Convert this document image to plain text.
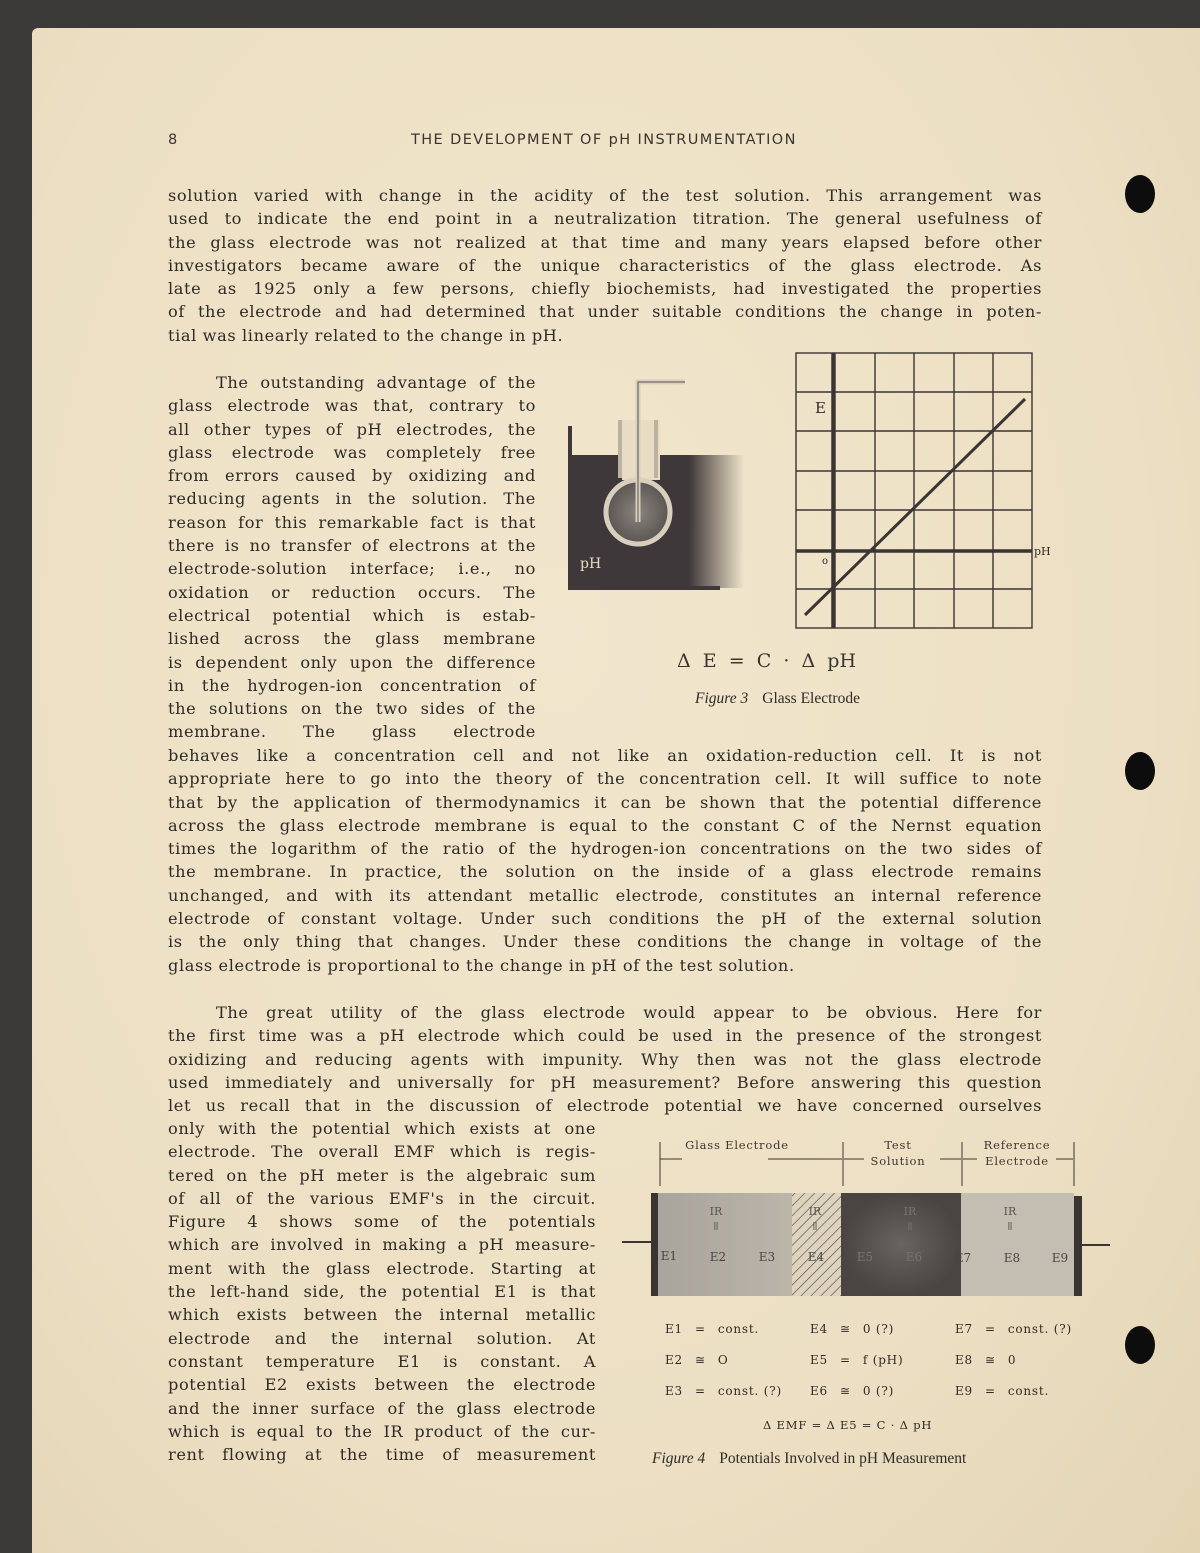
8	THE DEVELOPMENT OF pH INSTRUMENTATION
solution varied with change in the acidity of the test solution. This arrangement was
used to indicate the end point in a neutralization titration. The general usefulness of
the glass electrode was not realized at that time and many years elapsed before other
investigators became aware of the unique characteristics of the glass electrode. As
late as 1925 only a few persons, chiefly biochemists, had investigated the properties
of the electrode and had determined that under suitable conditions the change in poten-
tial was linearly related to the change in pH.
The outstanding advantage of the
glass electrode was that, contrary to
all other types of pH electrodes, the
glass electrode was completely free
from errors caused by oxidizing and
reducing agents in the solution. The
reason for this remarkable fact is that
there is no transfer of electrons at the
electrode-solution interface; i.e., no
oxidation or reduction occurs. The
electrical potential which is estab-
lished across the glass membrane
is dependent only upon the difference
in the hydrogen-ion concentration of
the solutions on the two sides of the
membrane. The glass electrode
behaves like a concentration cell and not like an oxidation-reduction cell. It is not
appropriate here to go into the theory of the concentration cell. It will suffice to note
that by the application of thermodynamics it can be shown that the potential difference
across the glass electrode membrane is equal to the constant C of the Nernst equation
times the logarithm of the ratio of the hydrogen-ion concentrations on the two sides of
the membrane. In practice, the solution on the inside of a glass electrode remains
unchanged, and with its attendant metallic electrode, constitutes an internal reference
electrode of constant voltage. Under such conditions the pH of the external solution
is the only thing that changes. Under these conditions the change in voltage of the
glass electrode is proportional to the change in pH of the test solution.
The great utility of the glass electrode would appear to be obvious. Here for
the first time was a pH electrode which could be used in the presence of the strongest
oxidizing and reducing agents with impunity. Why then was not the glass electrode
used immediately and universally for pH measurement? Before answering this question
let us recall that in the discussion of electrode potential we have concerned ourselves
only with the potential which exists at one
electrode. The overall EMF which is regis-
tered on the pH meter is the algebraic sum
of all of the various EMF's in the circuit.
Figure 4 shows some of the potentials
which are involved in making a pH measure-
ment with the glass electrode. Starting at
the left-hand side, the potential E1 is that
which exists between the internal metallic
electrode and the internal solution. At
constant temperature E1 is constant. A
potential E2 exists between the electrode
and the inner surface of the glass electrode
which is equal to the IR product of the cur-
rent flowing at the time of measurement
pH
E
pH
o
Δ  E  =  C  ·  Δ  pH
Figure 3 Glass Electrode
IR	IR	IR	IR
ǁ	ǁ	ǁ	ǁ
E1	E2	E3	E4	E5	E6	E7	E8	E9
Glass Electrode	Test Solution
Reference Electrode
E1 = const.	E4 ≅ 0 (?)	E7 = const. (?)
E2 ≅ O	E5 = f (pH)	E8 ≅ 0
E3 = const. (?) E6 ≅ 0 (?)	E9 = const.
Δ EMF = Δ E5 = C · Δ pH
Figure 4 Potentials Involved in pH Measurement
